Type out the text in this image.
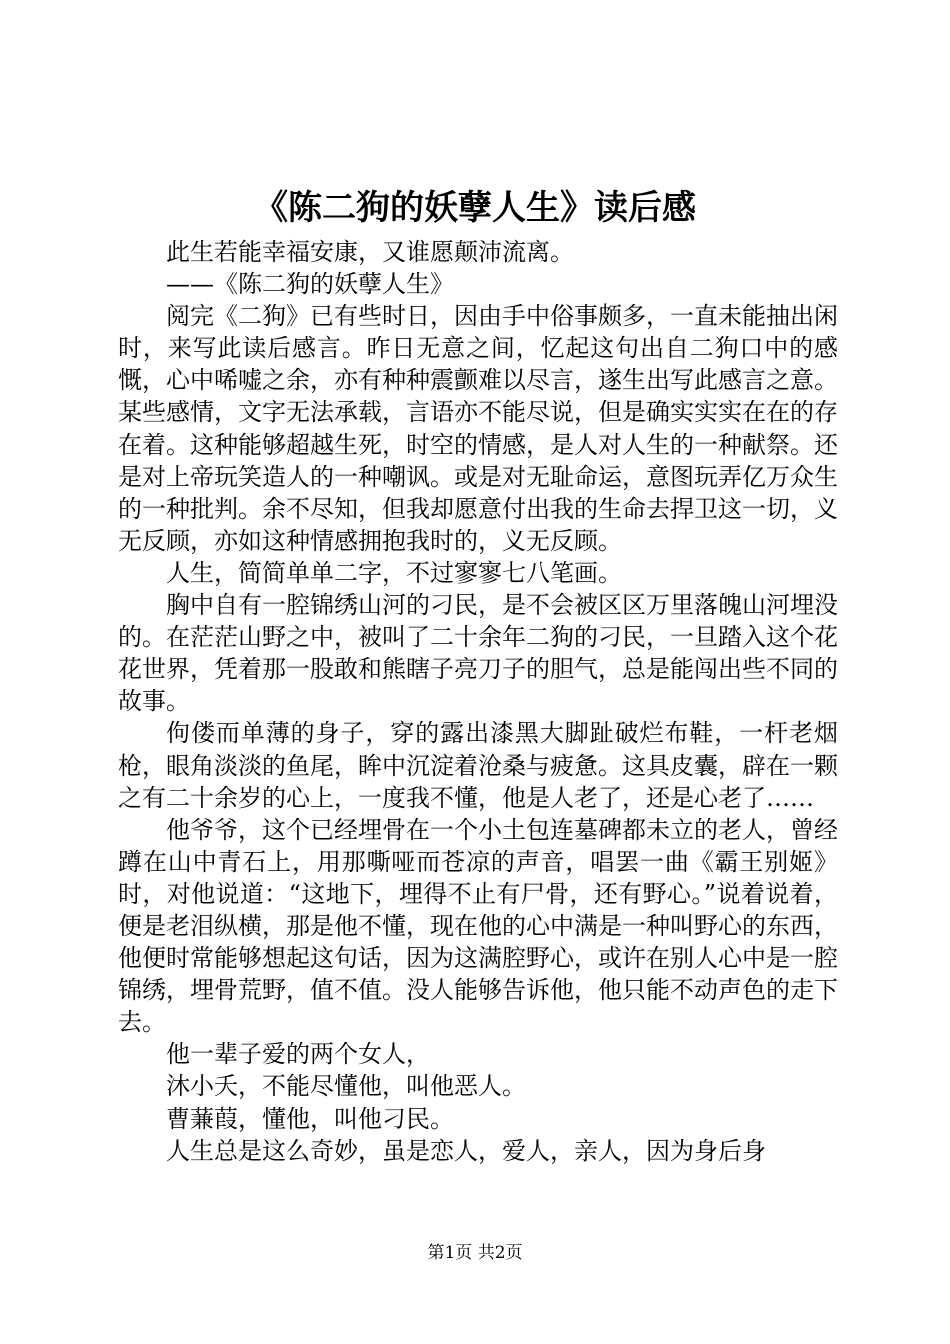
《陈二狗的妖孽人生》读后感

此生若能幸福安康，又谁愿颠沛流离。

——《陈二狗的妖孽人生》

阅完《二狗》已有些时日，因由手中俗事颇多，一直未能抽出闲时，来写此读后感言。昨日无意之间，忆起这句出自二狗口中的感慨，心中唏嘘之余，亦有种种震颤难以尽言，遂生出写此感言之意。某些感情，文字无法承载，言语亦不能尽说，但是确实实实在在的存在着。这种能够超越生死，时空的情感，是人对人生的一种献祭。还是对上帝玩笑造人的一种嘲讽。或是对无耻命运，意图玩弄亿万众生的一种批判。余不尽知，但我却愿意付出我的生命去捍卫这一切，义无反顾，亦如这种情感拥抱我时的，义无反顾。

人生，简简单单二字，不过寥寥七八笔画。

胸中自有一腔锦绣山河的刁民，是不会被区区万里落魄山河埋没的。在茫茫山野之中，被叫了二十余年二狗的刁民，一旦踏入这个花花世界，凭着那一股敢和熊瞎子亮刀子的胆气，总是能闯出些不同的故事。

佝偻而单薄的身子，穿的露出漆黑大脚趾破烂布鞋，一杆老烟枪，眼角淡淡的鱼尾，眸中沉淀着沧桑与疲惫。这具皮囊，辟在一颗之有二十余岁的心上，一度我不懂，他是人老了，还是心老了……

他爷爷，这个已经埋骨在一个小土包连墓碑都未立的老人，曾经蹲在山中青石上，用那嘶哑而苍凉的声音，唱罢一曲《霸王别姬》时，对他说道：“这地下，埋得不止有尸骨，还有野心。”说着说着，便是老泪纵横，那是他不懂，现在他的心中满是一种叫野心的东西，他便时常能够想起这句话，因为这满腔野心，或许在别人心中是一腔锦绣，埋骨荒野，值不值。没人能够告诉他，他只能不动声色的走下去。

他一辈子爱的两个女人，

沐小夭，不能尽懂他，叫他恶人。

曹蒹葭，懂他，叫他刁民。

人生总是这么奇妙，虽是恋人，爱人，亲人，因为身后身

第1页 共2页
